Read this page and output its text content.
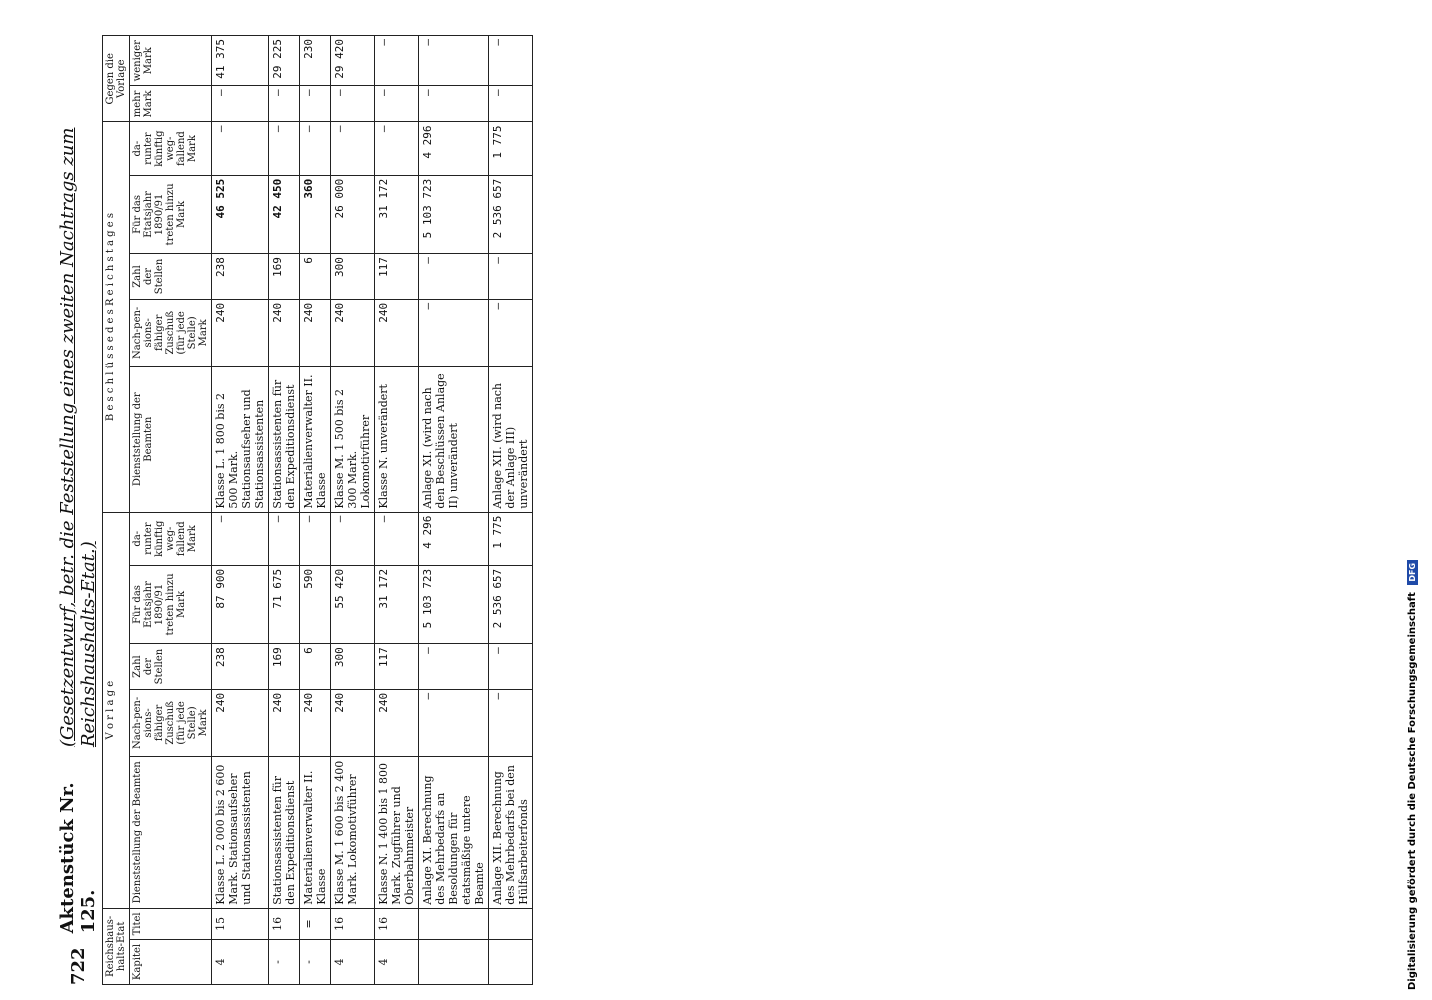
722
Aktenstück Nr. 125.
(Gesetzentwurf, betr. die Feststellung eines zweiten Nachtrags zum Reichshaushalts-Etat.)
Reichshaus-halts-Etat		V o r l a g e					B e s c h l ü s s e d e s R e i c h s t a g e s					Gegen die Vorlage	
Kapitel	Titel	Dienststellung der Beamten	Nach-pen-sions-fähiger Zuschuß (für jede Stelle) Mark	Zahl der Stellen	Für das Etatsjahr 1890/91 treten hinzu Mark	da-runter künftig weg-fallend Mark	Dienststellung der Beamten	Nach-pen-sions-fähiger Zuschuß (für jede Stelle) Mark	Zahl der Stellen	Für das Etatsjahr 1890/91 treten hinzu Mark	da-runter künftig weg-fallend Mark	mehr Mark	weniger Mark
4	15	Klasse L. 2 000 bis 2 600 Mark. Stationsaufseher und Stationsassistenten	240	238	87 900	—	Klasse L. 1 800 bis 2 500 Mark. Stationsaufseher und Stationsassistenten	240	238	46 525	—	—	41 375
-	16	Stationsassistenten für den Expeditionsdienst	240	169	71 675	—	Stationsassistenten für den Expeditionsdienst	240	169	42 450	—	—	29 225
-	=	Materialienverwalter II. Klasse	240	6	590	—	Materialienverwalter II. Klasse	240	6	360	—	—	230
4	16	Klasse M. 1 600 bis 2 400 Mark. Lokomotivführer	240	300	55 420	—	Klasse M. 1 500 bis 2 300 Mark. Lokomotivführer	240	300	26 000	—	—	29 420
4	16	Klasse N. 1 400 bis 1 800 Mark. Zugführer und Oberbahnmeister	240	117	31 172	—	Klasse N. unverändert	240	117	31 172	—	—	—
		Anlage XI. Berechnung des Mehrbedarfs an Besoldungen für etatsmäßige untere Beamte	—	—	5 103 723	4 296	Anlage XI. (wird nach den Beschlüssen Anlage II) unverändert	—	—	5 103 723	4 296	—	—
		Anlage XII. Berechnung des Mehrbedarfs bei den Hülfsarbeiterfonds	—	—	2 536 657	1 775	Anlage XII. (wird nach der Anlage III) unverändert	—	—	2 536 657	1 775	—	—
Digitalisierung gefördert durch die Deutsche Forschungsgemeinschaft DFG
